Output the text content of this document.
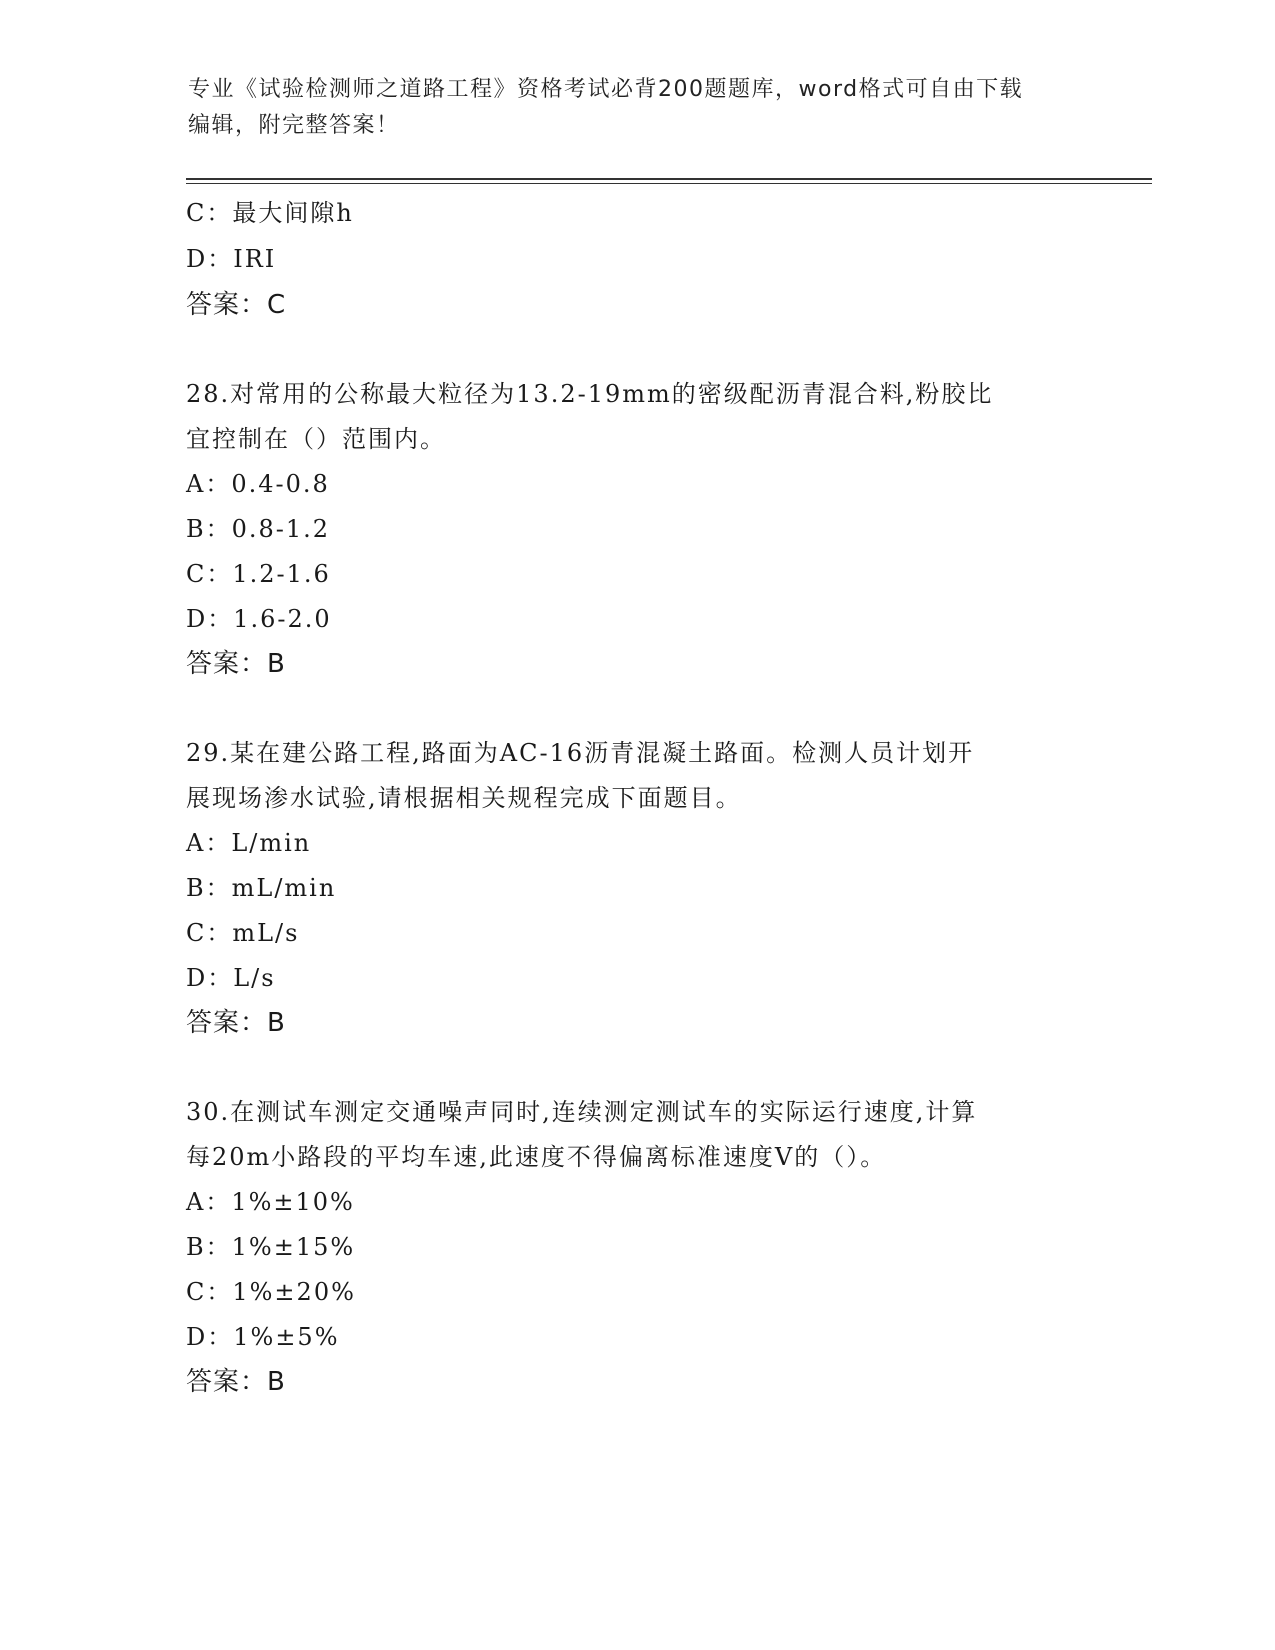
专业《试验检测师之道路工程》资格考试必背200题题库，word格式可自由下载
编辑，附完整答案！
C：最大间隙h
D：IRI
答案：C
28.对常用的公称最大粒径为13.2-19mm的密级配沥青混合料,粉胶比
宜控制在（）范围内。
A：0.4-0.8
B：0.8-1.2
C：1.2-1.6
D：1.6-2.0
答案：B
29.某在建公路工程,路面为AC-16沥青混凝土路面。检测人员计划开
展现场渗水试验,请根据相关规程完成下面题目。
A：L/min
B：mL/min
C：mL/s
D：L/s
答案：B
30.在测试车测定交通噪声同时,连续测定测试车的实际运行速度,计算
每20m小路段的平均车速,此速度不得偏离标准速度V的（）。
A：1%±10%
B：1%±15%
C：1%±20%
D：1%±5%
答案：B
